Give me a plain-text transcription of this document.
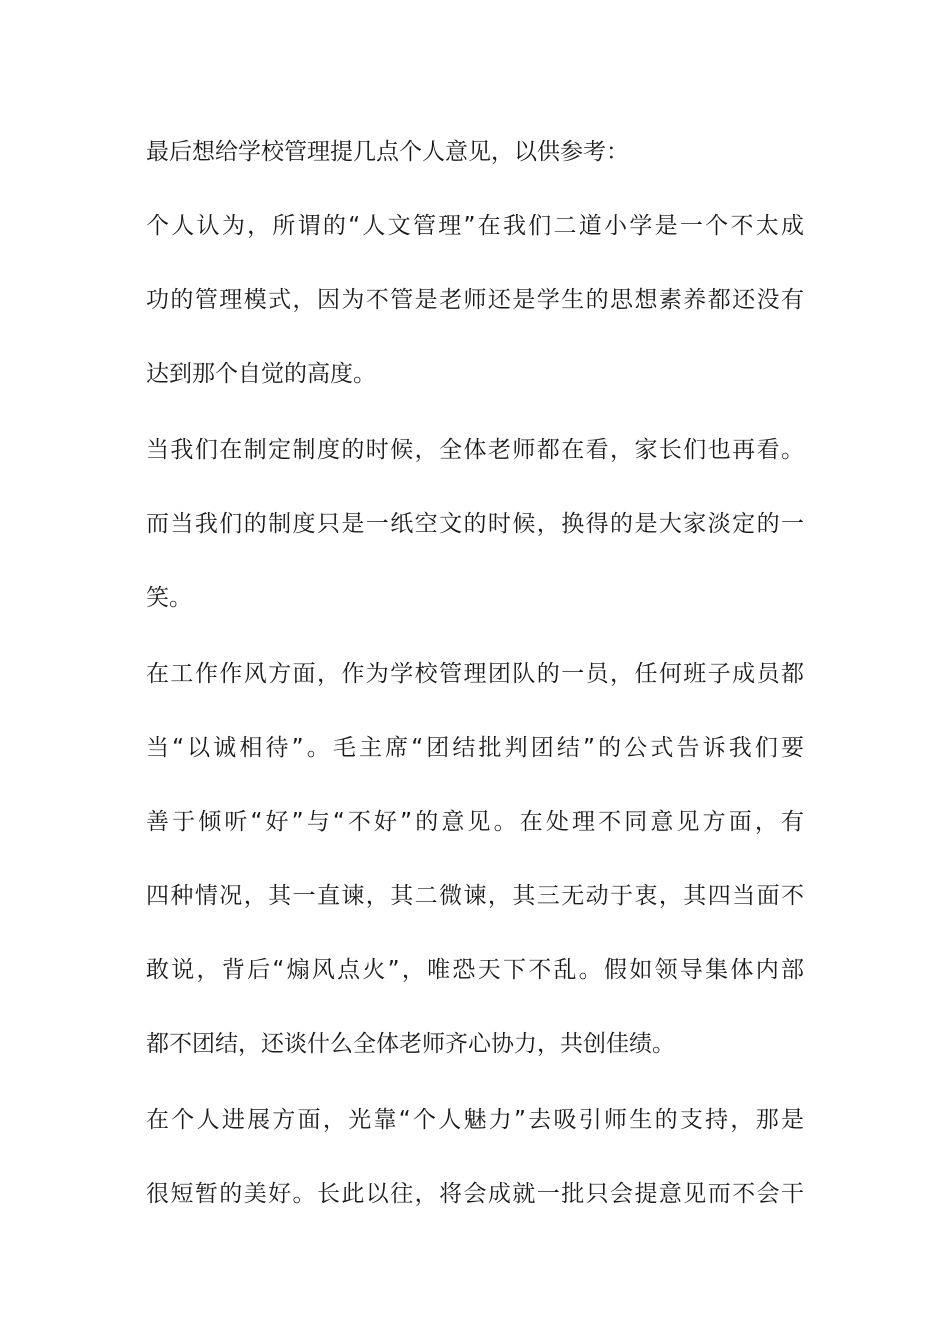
最后想给学校管理提几点个人意见，以供参考：
个人认为，所谓的“人文管理”在我们二道小学是一个不太成
功的管理模式，因为不管是老师还是学生的思想素养都还没有
达到那个自觉的高度。
当我们在制定制度的时候，全体老师都在看，家长们也再看。
而当我们的制度只是一纸空文的时候，换得的是大家淡定的一
笑。
在工作作风方面，作为学校管理团队的一员，任何班子成员都
当“以诚相待”。毛主席“团结批判团结”的公式告诉我们要
善于倾听“好”与“不好”的意见。在处理不同意见方面，有
四种情况，其一直谏，其二微谏，其三无动于衷，其四当面不
敢说，背后“煽风点火”，唯恐天下不乱。假如领导集体内部
都不团结，还谈什么全体老师齐心协力，共创佳绩。
在个人进展方面，光靠“个人魅力”去吸引师生的支持，那是
很短暂的美好。长此以往，将会成就一批只会提意见而不会干
